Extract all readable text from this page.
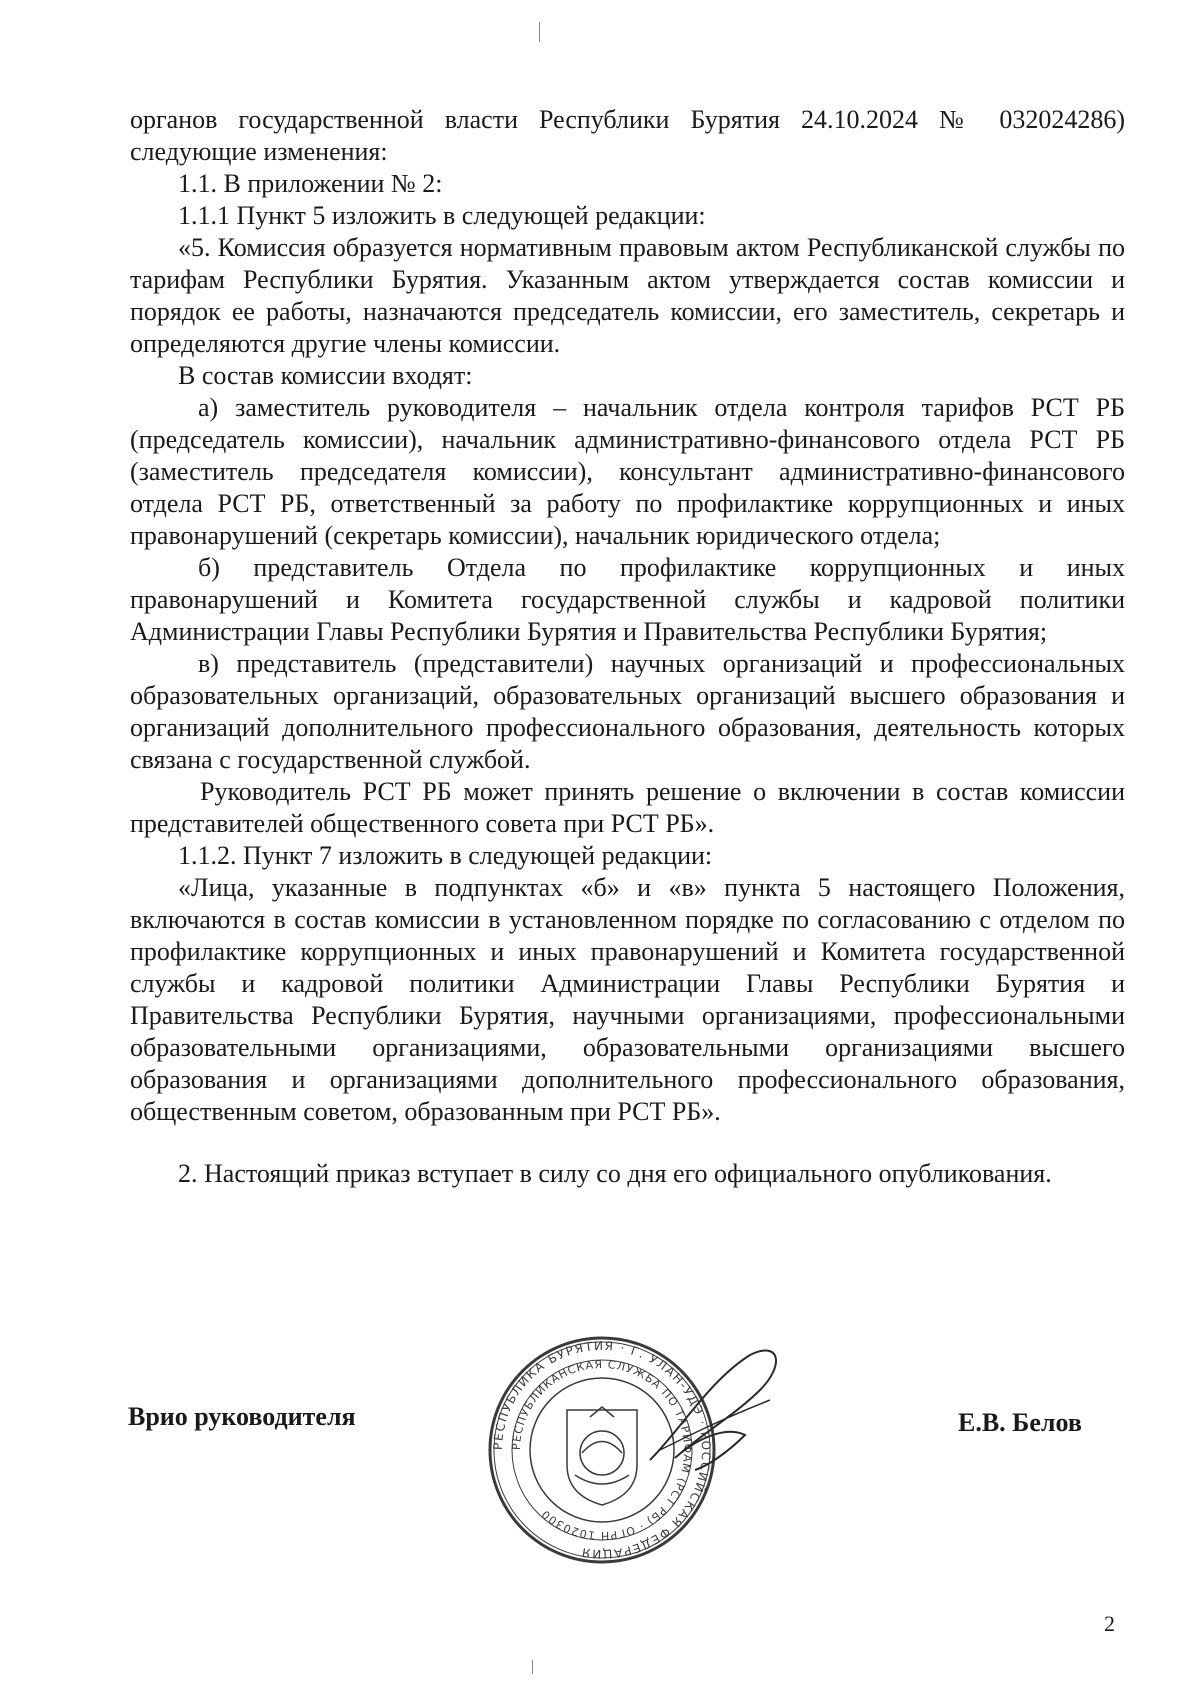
органов государственной власти Республики Бурятия 24.10.2024 № 032024286) следующие изменения:

1.1. В приложении № 2:

1.1.1 Пункт 5 изложить в следующей редакции:

«5. Комиссия образуется нормативным правовым актом Республиканской службы по тарифам Республики Бурятия. Указанным актом утверждается состав комиссии и порядок ее работы, назначаются председатель комиссии, его заместитель, секретарь и определяются другие члены комиссии.

В состав комиссии входят:

а) заместитель руководителя – начальник отдела контроля тарифов РСТ РБ (председатель комиссии), начальник административно-финансового отдела РСТ РБ (заместитель председателя комиссии), консультант административно-финансового отдела РСТ РБ, ответственный за работу по профилактике коррупционных и иных правонарушений (секретарь комиссии), начальник юридического отдела;

б) представитель Отдела по профилактике коррупционных и иных правонарушений и Комитета государственной службы и кадровой политики Администрации Главы Республики Бурятия и Правительства Республики Бурятия;

в) представитель (представители) научных организаций и профессиональных образовательных организаций, образовательных организаций высшего образования и организаций дополнительного профессионального образования, деятельность которых связана с государственной службой.

Руководитель РСТ РБ может принять решение о включении в состав комиссии представителей общественного совета при РСТ РБ».

1.1.2. Пункт 7 изложить в следующей редакции:

«Лица, указанные в подпунктах «б» и «в» пункта 5 настоящего Положения, включаются в состав комиссии в установленном порядке по согласованию с отделом по профилактике коррупционных и иных правонарушений и Комитета государственной службы и кадровой политики Администрации Главы Республики Бурятия и Правительства Республики Бурятия, научными организациями, профессиональными образовательными организациями, образовательными организациями высшего образования и организациями дополнительного профессионального образования, общественным советом, образованным при РСТ РБ».

2. Настоящий приказ вступает в силу со дня его официального опубликования.

Врио руководителя
РЕСПУБЛИКА БУРЯТИЯ · Г. УЛАН-УДЭ · РОССИЙСКАЯ ФЕДЕРАЦИЯ
РЕСПУБЛИКАНСКАЯ СЛУЖБА ПО ТАРИФАМ (РСТ РБ) · ОГРН 1020300
Е.В. Белов
2
